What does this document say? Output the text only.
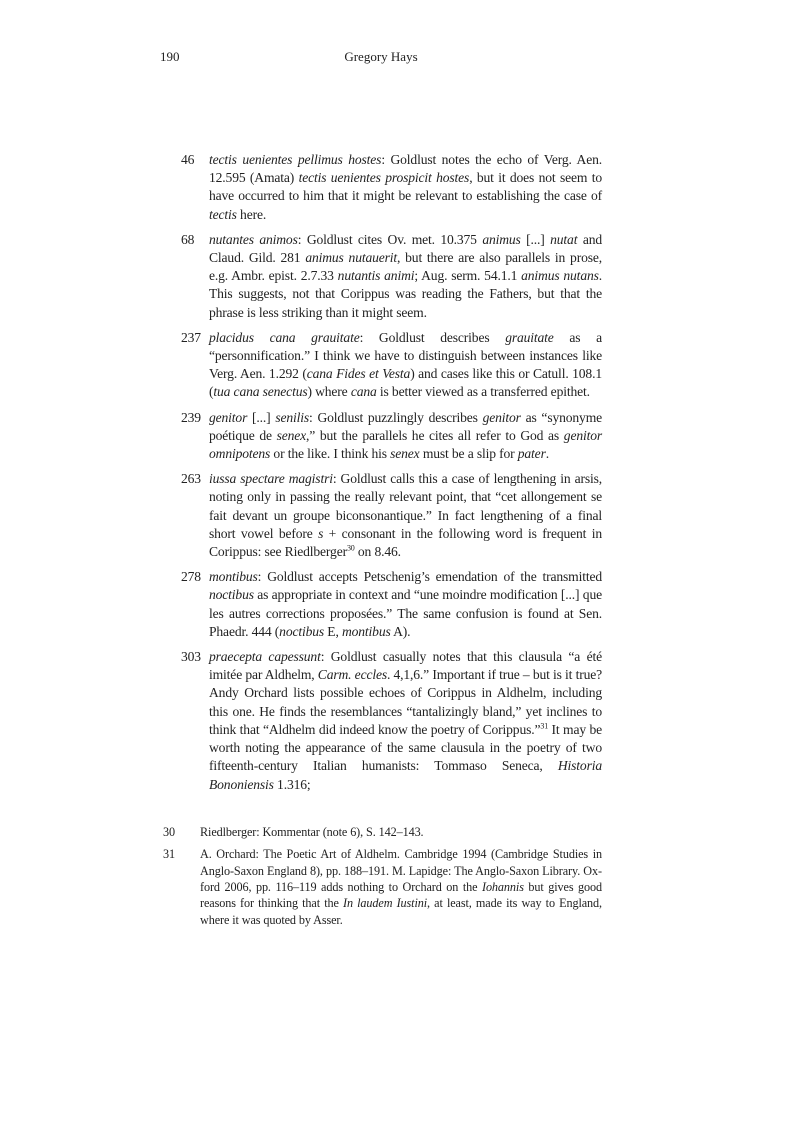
190	Gregory Hays
46	tectis uenientes pellimus hostes: Goldlust notes the echo of Verg. Aen. 12.595 (Amata) tectis uenientes prospicit hostes, but it does not seem to have occurred to him that it might be relevant to establishing the case of tectis here.
68	nutantes animos: Goldlust cites Ov. met. 10.375 animus [...] nutat and Claud. Gild. 281 animus nutauerit, but there are also parallels in prose, e.g. Ambr. epist. 2.7.33 nutantis animi; Aug. serm. 54.1.1 animus nutans. This suggests, not that Corippus was reading the Fathers, but that the phrase is less striking than it might seem.
237 placidus cana grauitate: Goldlust describes grauitate as a “personnification.” I think we have to distinguish between instances like Verg. Aen. 1.292 (cana Fides et Vesta) and cases like this or Catull. 108.1 (tua cana senectus) where cana is better viewed as a transferred epithet.
239 genitor [...] senilis: Goldlust puzzlingly describes genitor as “synonyme poétique de senex,” but the parallels he cites all refer to God as genitor omnipotens or the like. I think his senex must be a slip for pater.
263 iussa spectare magistri: Goldlust calls this a case of lengthening in arsis, noting only in passing the really relevant point, that “cet allongement se fait devant un groupe biconsonantique.” In fact lengthening of a final short vowel before s + consonant in the following word is frequent in Corippus: see Riedlberger$^{30}$ on 8.46.
278 montibus: Goldlust accepts Petschenig’s emendation of the transmitted noctibus as appropriate in context and “une moindre modification [...] que les autres corrections proposées.” The same confusion is found at Sen. Phaedr. 444 (noctibus E, montibus A).
303 praecepta capessunt: Goldlust casually notes that this clausula “a été imitée par Aldhelm, Carm. eccles. 4,1,6.” Important if true – but is it true? Andy Orchard lists possible echoes of Corippus in Aldhelm, including this one. He finds the resemblances “tantalizingly bland,” yet inclines to think that “Aldhelm did indeed know the poetry of Corippus.”$^{31}$ It may be worth noting the appearance of the same clausula in the poetry of two fifteenth-century Italian humanists: Tommaso Seneca, Historia Bononiensis 1.316;
30	Riedlberger: Kommentar (note 6), S. 142–143.
31	A. Orchard: The Poetic Art of Aldhelm. Cambridge 1994 (Cambridge Studies in Anglo-Saxon England 8), pp. 188–191. M. Lapidge: The Anglo-Saxon Library. Oxford 2006, pp. 116–119 adds nothing to Orchard on the Iohannis but gives good reasons for thinking that the In laudem Iustini, at least, made its way to England, where it was quoted by Asser.
